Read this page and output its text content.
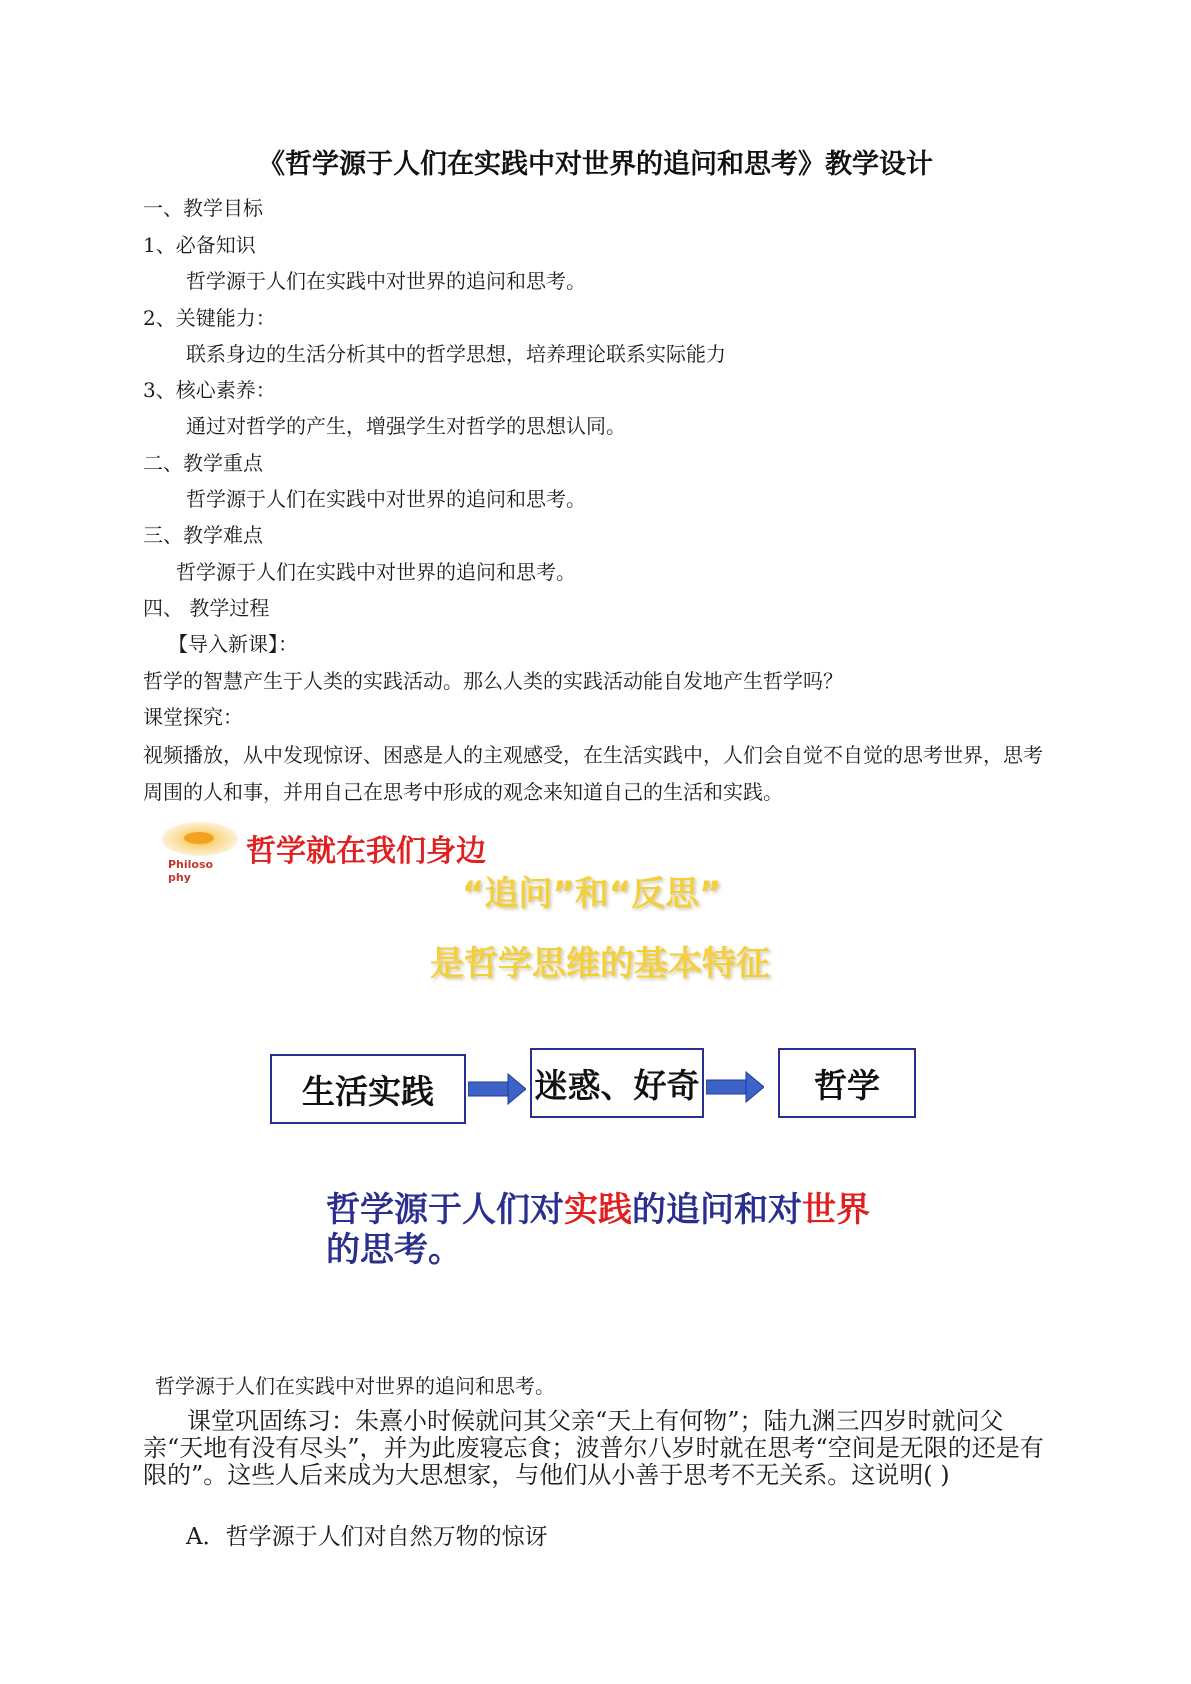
《哲学源于人们在实践中对世界的追问和思考》教学设计
一、教学目标
1、必备知识
哲学源于人们在实践中对世界的追问和思考。
2、关键能力：
联系身边的生活分析其中的哲学思想，培养理论联系实际能力
3、核心素养：
通过对哲学的产生，增强学生对哲学的思想认同。
二、教学重点
哲学源于人们在实践中对世界的追问和思考。
三、教学难点
哲学源于人们在实践中对世界的追问和思考。
四、 教学过程
【导入新课】：
哲学的智慧产生于人类的实践活动。那么人类的实践活动能自发地产生哲学吗？
课堂探究：
视频播放，从中发现惊讶、困惑是人的主观感受，在生活实践中，人们会自觉不自觉的思考世界，思考周围的人和事，并用自己在思考中形成的观念来知道自己的生活和实践。
Philoso phy
哲学就在我们身边
“追问”和“反思”
是哲学思维的基本特征
生活实践	迷惑、好奇	哲学
哲学源于人们对实践的追问和对世界的思考。
哲学源于人们在实践中对世界的追问和思考。
课堂巩固练习：朱熹小时候就问其父亲“天上有何物”；陆九渊三四岁时就问父亲“天地有没有尽头”，并为此废寝忘食；波普尔八岁时就在思考“空间是无限的还是有限的”。这些人后来成为大思想家，与他们从小善于思考不无关系。这说明( )
A．哲学源于人们对自然万物的惊讶
